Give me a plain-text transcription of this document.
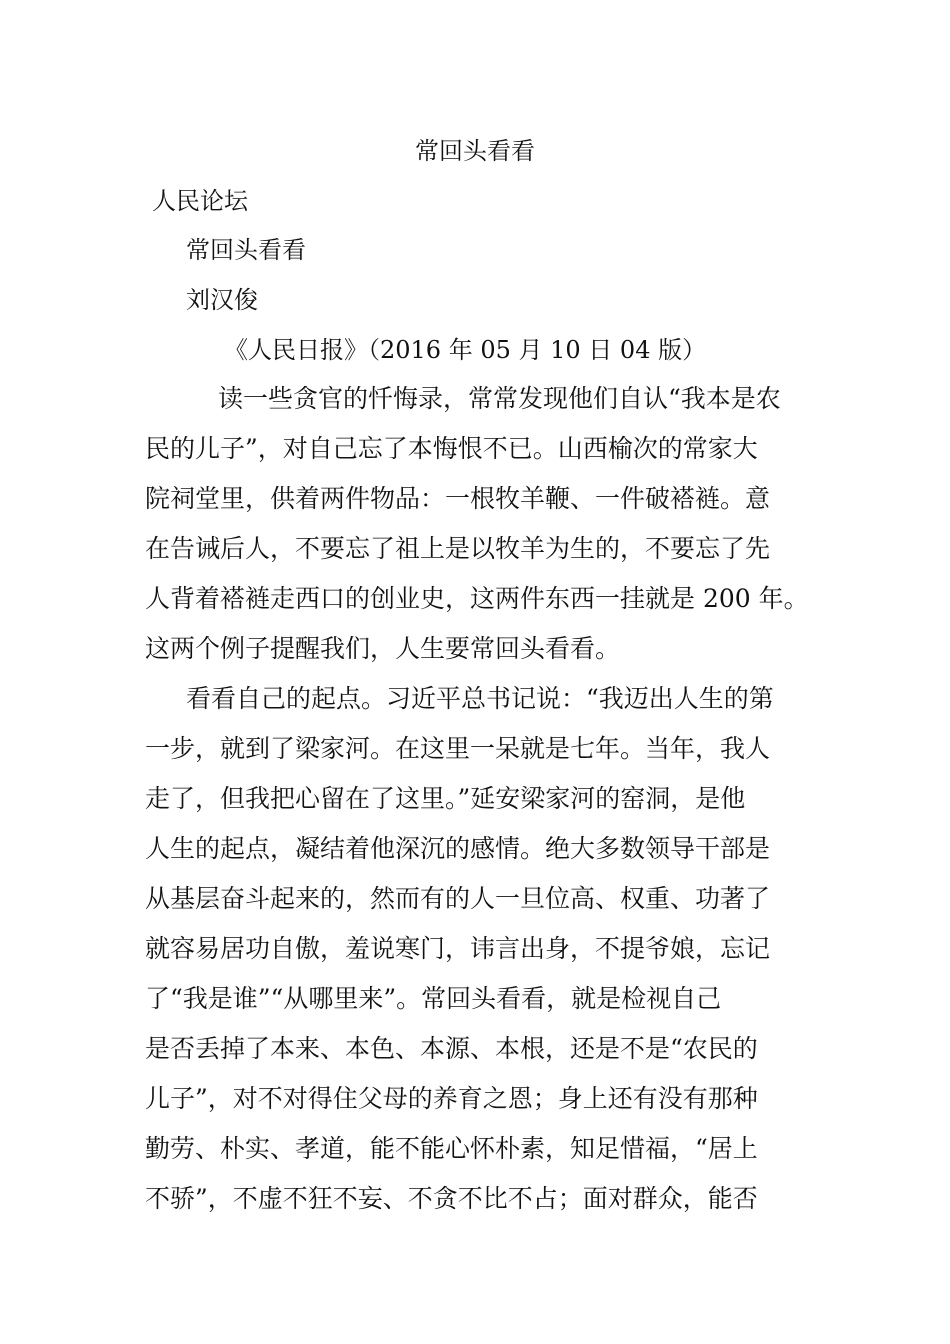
常回头看看
人民论坛
常回头看看
刘汉俊
《人民日报》（2016 年 05 月 10 日 04 版）
读一些贪官的忏悔录，常常发现他们自认“我本是农
民的儿子”，对自己忘了本悔恨不已。山西榆次的常家大
院祠堂里，供着两件物品：一根牧羊鞭、一件破褡裢。意
在告诫后人，不要忘了祖上是以牧羊为生的，不要忘了先
人背着褡裢走西口的创业史，这两件东西一挂就是 200 年。
这两个例子提醒我们，人生要常回头看看。
看看自己的起点。习近平总书记说：“我迈出人生的第
一步，就到了梁家河。在这里一呆就是七年。当年，我人
走了，但我把心留在了这里。”延安梁家河的窑洞，是他
人生的起点，凝结着他深沉的感情。绝大多数领导干部是
从基层奋斗起来的，然而有的人一旦位高、权重、功著了
就容易居功自傲，羞说寒门，讳言出身，不提爷娘，忘记
了“我是谁”“从哪里来”。常回头看看，就是检视自己
是否丢掉了本来、本色、本源、本根，还是不是“农民的
儿子”，对不对得住父母的养育之恩；身上还有没有那种
勤劳、朴实、孝道，能不能心怀朴素，知足惜福，“居上
不骄”，不虚不狂不妄、不贪不比不占；面对群众，能否
